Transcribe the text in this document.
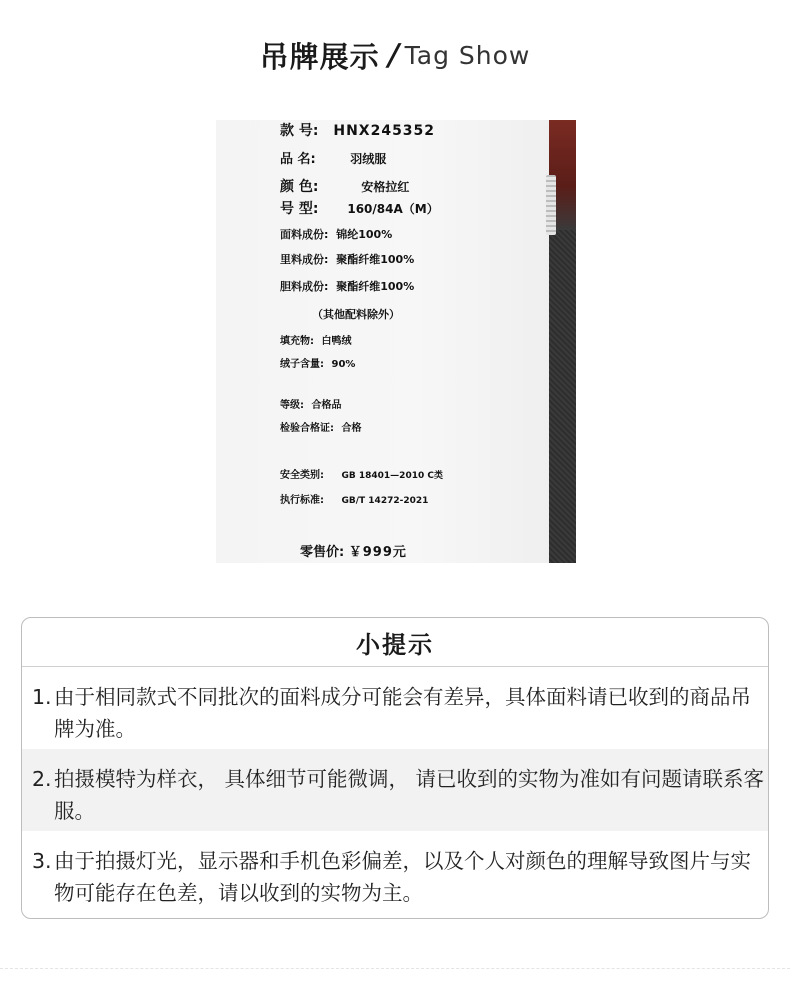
吊牌展示 / Tag Show
款 号: HNX245352
品 名:	羽绒服
颜 色:	安格拉红
号 型: 160/84A（M）
面料成份: 锦纶100%
里料成份: 聚酯纤维100%
胆料成份: 聚酯纤维100%
（其他配料除外）
填充物: 白鸭绒
绒子含量: 90%
等级: 合格品
检验合格证: 合格
安全类别: GB 18401—2010 C类
执行标准: GB/T 14272-2021
零售价: ￥999元
小提示
1. 由于相同款式不同批次的面料成分可能会有差异，具体面料请已收到的商品吊牌为准。
2. 拍摄模特为样衣， 具体细节可能微调， 请已收到的实物为准如有问题请联系客服。
3. 由于拍摄灯光，显示器和手机色彩偏差，以及个人对颜色的理解导致图片与实物可能存在色差，请以收到的实物为主。
